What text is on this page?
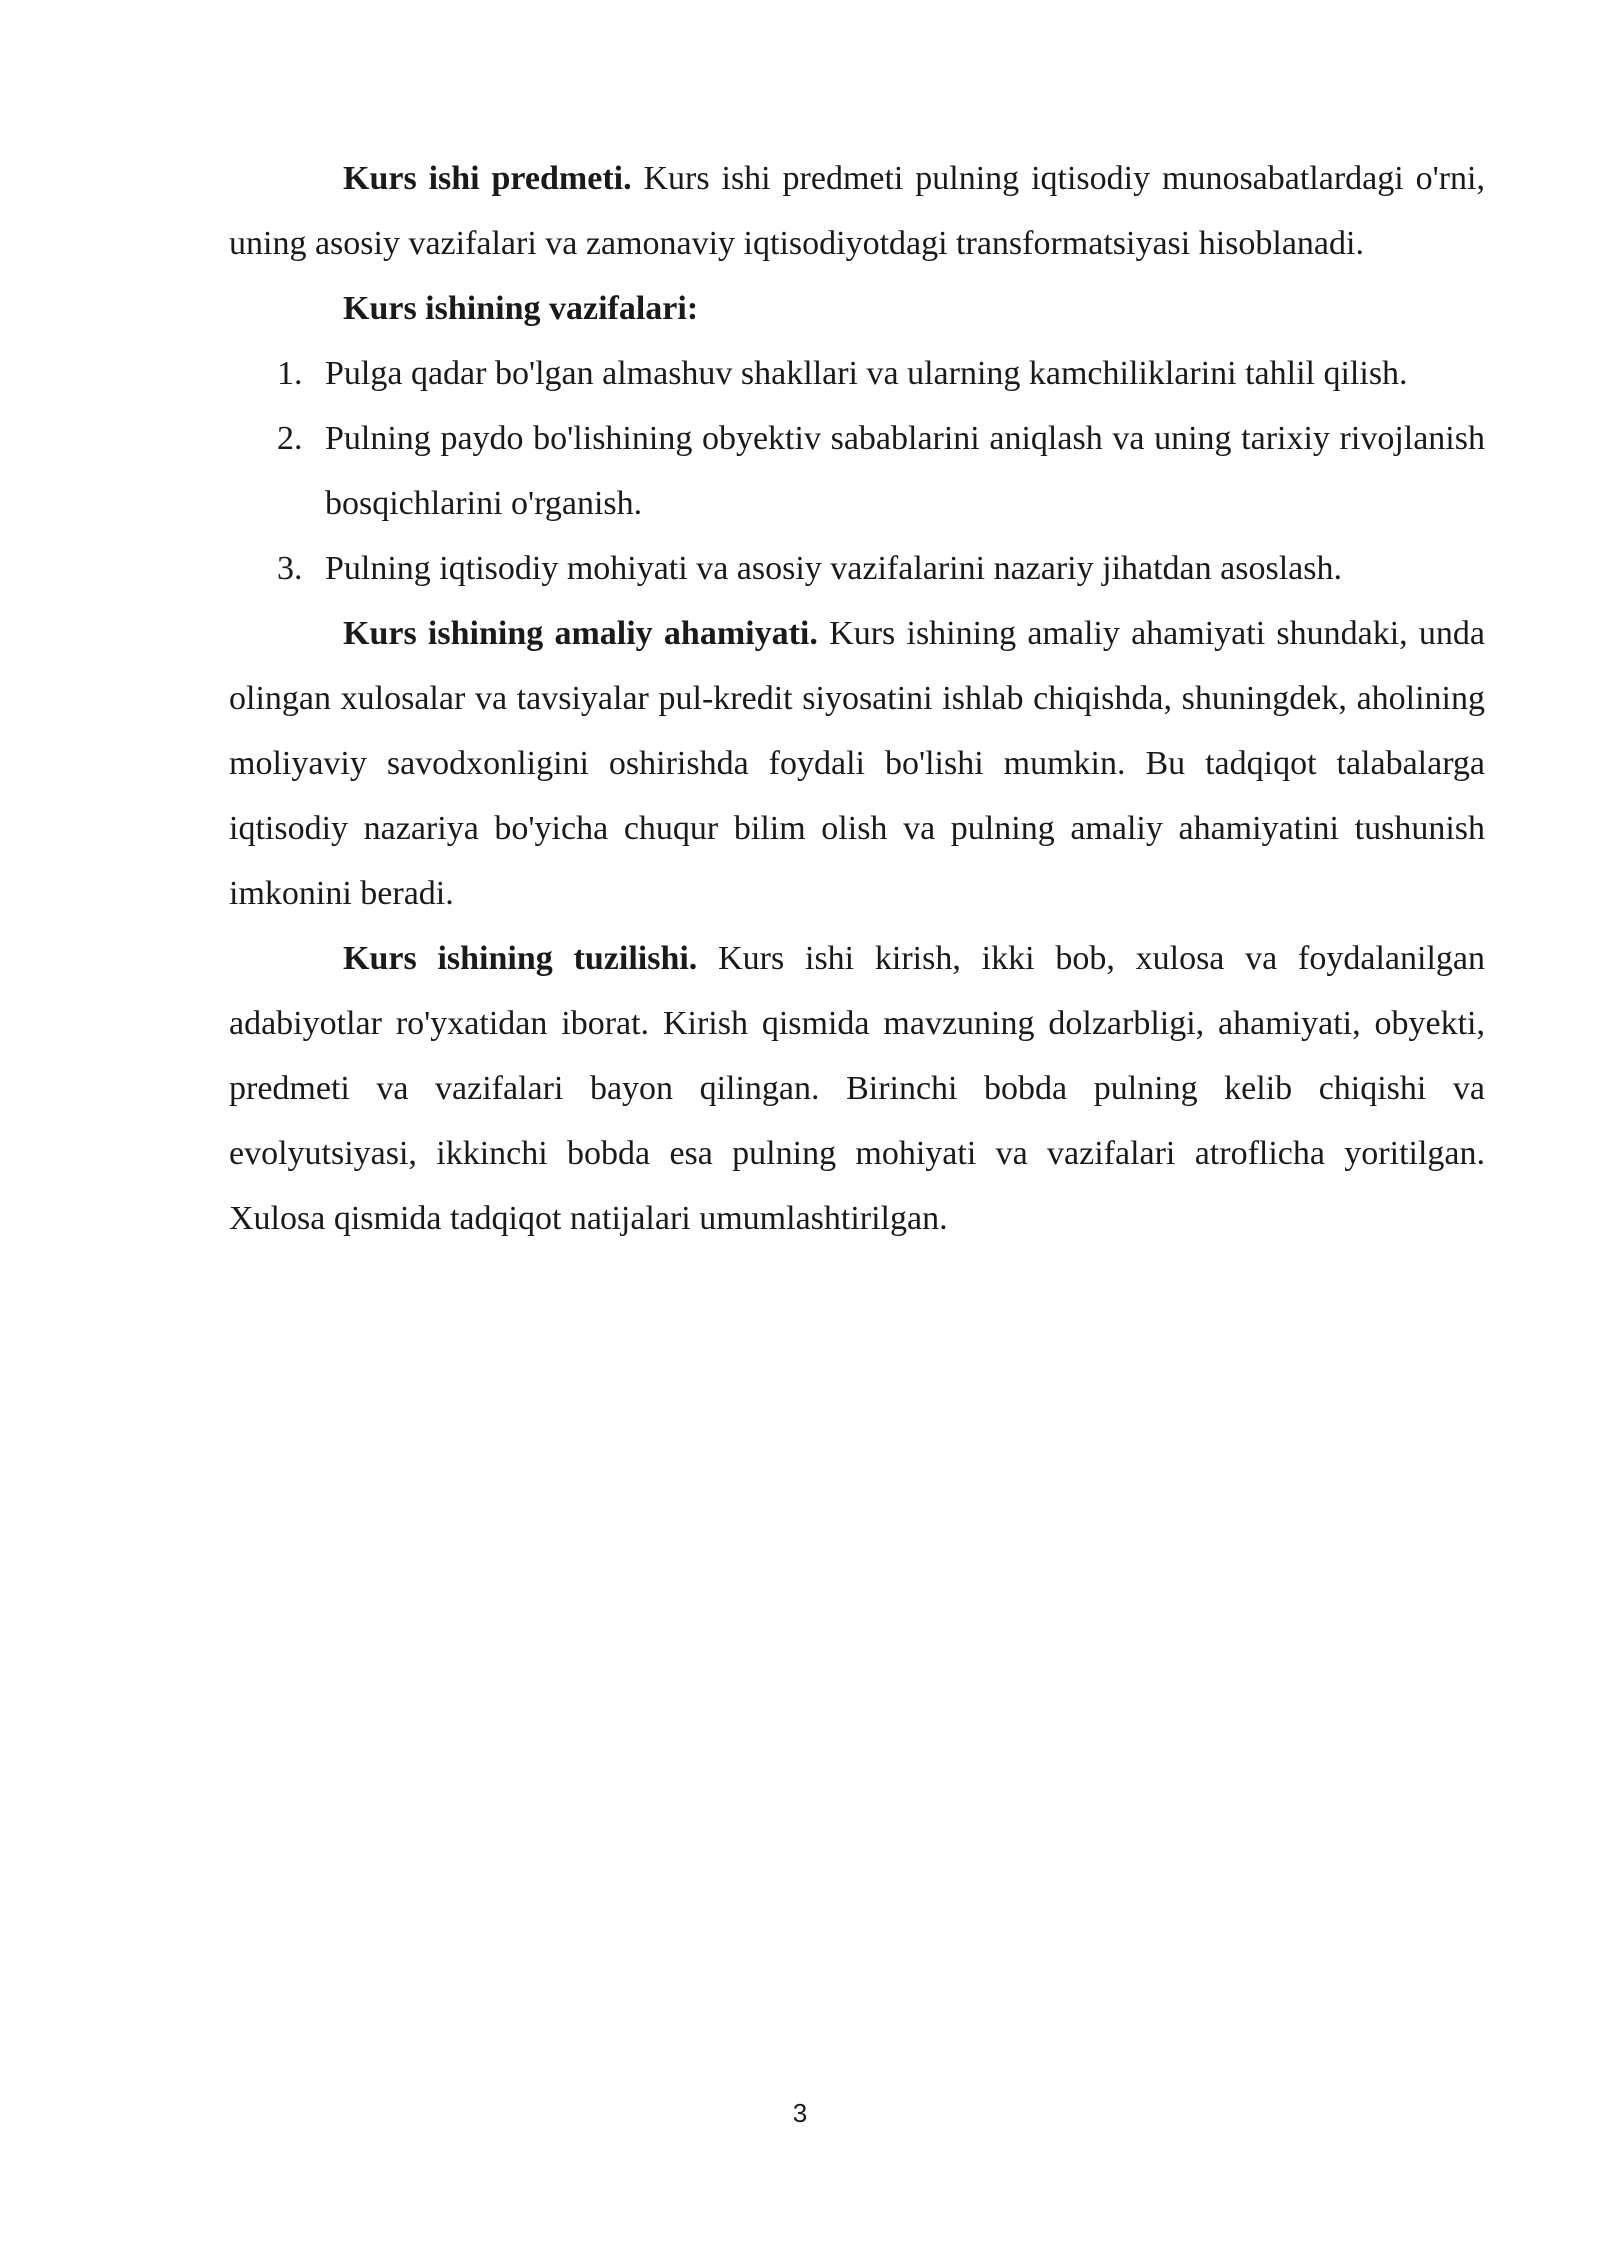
Kurs ishi predmeti. Kurs ishi predmeti pulning iqtisodiy munosabatlardagi o'rni, uning asosiy vazifalari va zamonaviy iqtisodiyotdagi transformatsiyasi hisoblanadi.

Kurs ishining vazifalari:

1. Pulga qadar bo'lgan almashuv shakllari va ularning kamchiliklarini tahlil qilish.
2. Pulning paydo bo'lishining obyektiv sabablarini aniqlash va uning tarixiy rivojlanish bosqichlarini o'rganish.
3. Pulning iqtisodiy mohiyati va asosiy vazifalarini nazariy jihatdan asoslash.

Kurs ishining amaliy ahamiyati. Kurs ishining amaliy ahamiyati shundaki, unda olingan xulosalar va tavsiyalar pul-kredit siyosatini ishlab chiqishda, shuningdek, aholining moliyaviy savodxonligini oshirishda foydali bo'lishi mumkin. Bu tadqiqot talabalarga iqtisodiy nazariya bo'yicha chuqur bilim olish va pulning amaliy ahamiyatini tushunish imkonini beradi.

Kurs ishining tuzilishi. Kurs ishi kirish, ikki bob, xulosa va foydalanilgan adabiyotlar ro'yxatidan iborat. Kirish qismida mavzuning dolzarbligi, ahamiyati, obyekti, predmeti va vazifalari bayon qilingan. Birinchi bobda pulning kelib chiqishi va evolyutsiyasi, ikkinchi bobda esa pulning mohiyati va vazifalari atroflicha yoritilgan. Xulosa qismida tadqiqot natijalari umumlashtirilgan.

3
